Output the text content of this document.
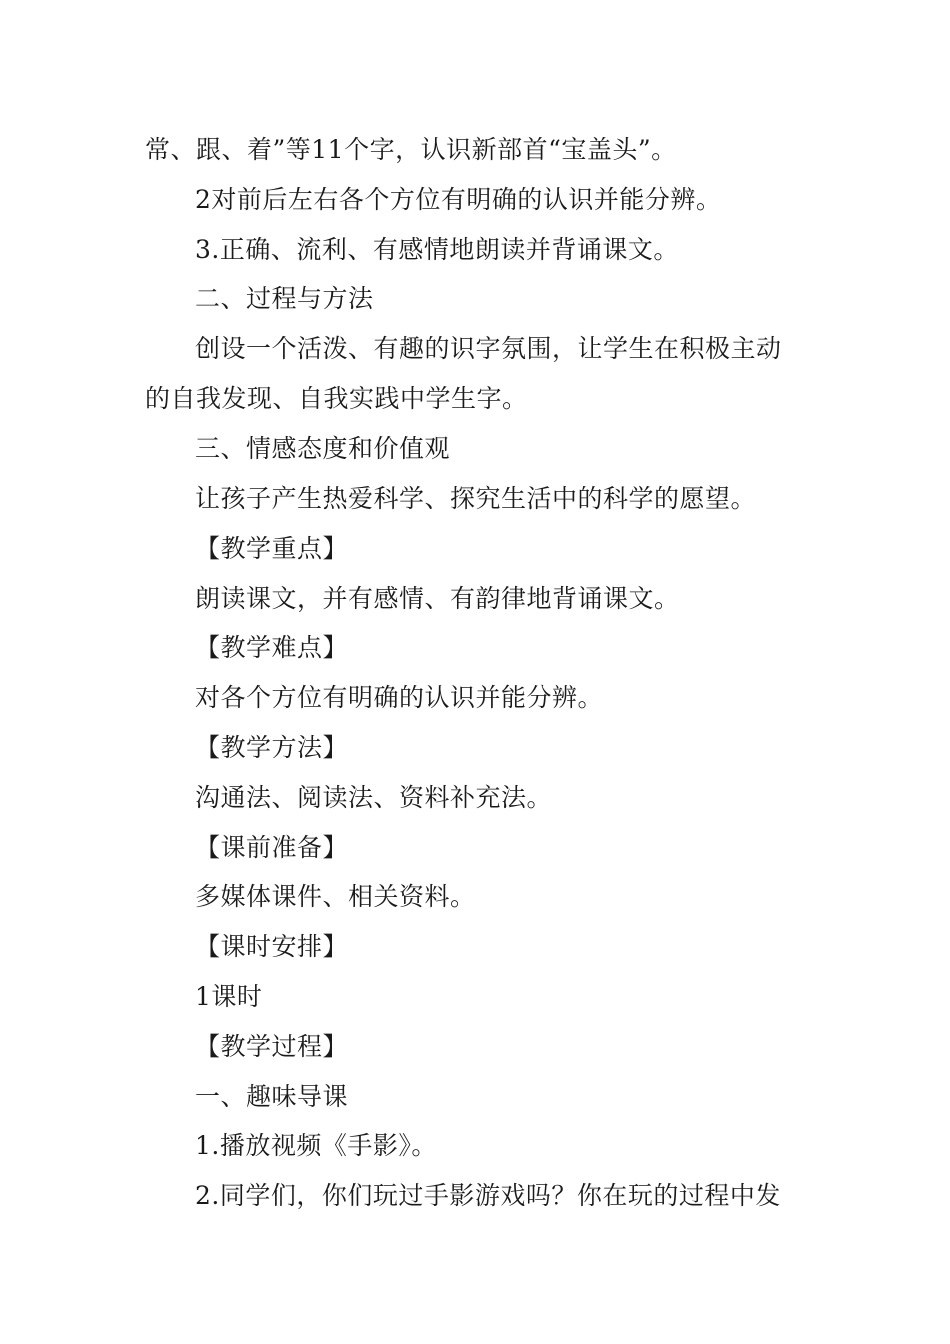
常、跟、着”等11个字，认识新部首“宝盖头”。
2对前后左右各个方位有明确的认识并能分辨。
3.正确、流利、有感情地朗读并背诵课文。
二、过程与方法
创设一个活泼、有趣的识字氛围，让学生在积极主动
的自我发现、自我实践中学生字。
三、情感态度和价值观
让孩子产生热爱科学、探究生活中的科学的愿望。
【教学重点】
朗读课文，并有感情、有韵律地背诵课文。
【教学难点】
对各个方位有明确的认识并能分辨。
【教学方法】
沟通法、阅读法、资料补充法。
【课前准备】
多媒体课件、相关资料。
【课时安排】
1课时
【教学过程】
一、趣味导课
1.播放视频《手影》。
2.同学们，你们玩过手影游戏吗？你在玩的过程中发
